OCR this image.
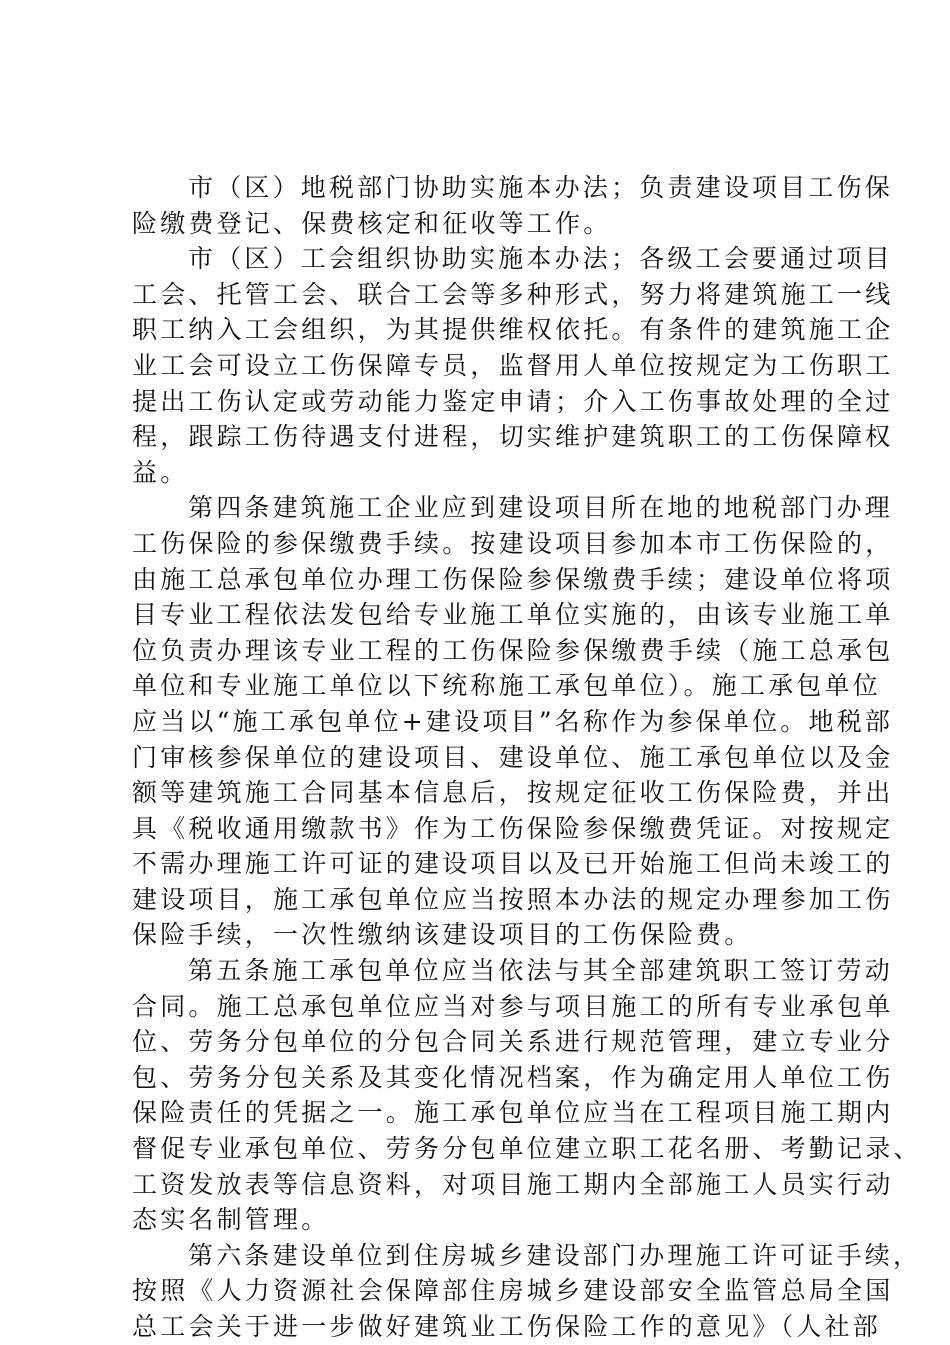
市（区）地税部门协助实施本办法；负责建设项目工伤保
险缴费登记、保费核定和征收等工作。
市（区）工会组织协助实施本办法；各级工会要通过项目
工会、托管工会、联合工会等多种形式，努力将建筑施工一线
职工纳入工会组织，为其提供维权依托。有条件的建筑施工企
业工会可设立工伤保障专员，监督用人单位按规定为工伤职工
提出工伤认定或劳动能力鉴定申请；介入工伤事故处理的全过
程，跟踪工伤待遇支付进程，切实维护建筑职工的工伤保障权
益。
第四条建筑施工企业应到建设项目所在地的地税部门办理
工伤保险的参保缴费手续。按建设项目参加本市工伤保险的，
由施工总承包单位办理工伤保险参保缴费手续；建设单位将项
目专业工程依法发包给专业施工单位实施的，由该专业施工单
位负责办理该专业工程的工伤保险参保缴费手续（施工总承包
单位和专业施工单位以下统称施工承包单位）。施工承包单位
应当以“施工承包单位+建设项目”名称作为参保单位。地税部
门审核参保单位的建设项目、建设单位、施工承包单位以及金
额等建筑施工合同基本信息后，按规定征收工伤保险费，并出
具《税收通用缴款书》作为工伤保险参保缴费凭证。对按规定
不需办理施工许可证的建设项目以及已开始施工但尚未竣工的
建设项目，施工承包单位应当按照本办法的规定办理参加工伤
保险手续，一次性缴纳该建设项目的工伤保险费。
第五条施工承包单位应当依法与其全部建筑职工签订劳动
合同。施工总承包单位应当对参与项目施工的所有专业承包单
位、劳务分包单位的分包合同关系进行规范管理，建立专业分
包、劳务分包关系及其变化情况档案，作为确定用人单位工伤
保险责任的凭据之一。施工承包单位应当在工程项目施工期内
督促专业承包单位、劳务分包单位建立职工花名册、考勤记录、
工资发放表等信息资料，对项目施工期内全部施工人员实行动
态实名制管理。
第六条建设单位到住房城乡建设部门办理施工许可证手续，
按照《人力资源社会保障部住房城乡建设部安全监管总局全国
总工会关于进一步做好建筑业工伤保险工作的意见》（人社部
